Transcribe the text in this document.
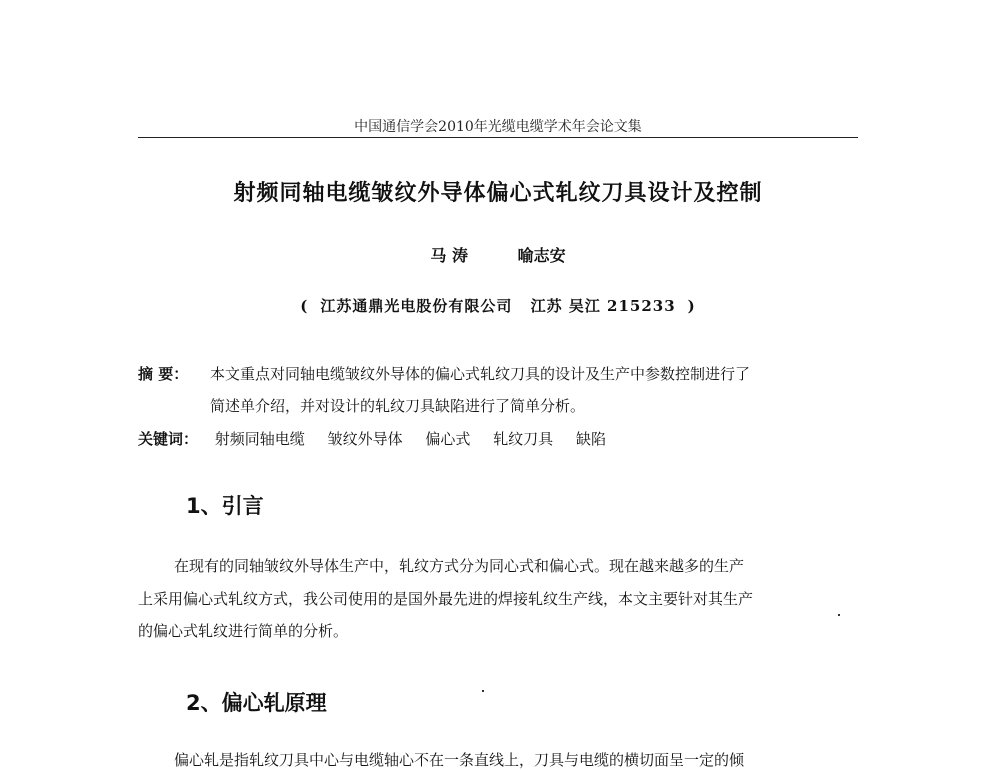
中国通信学会2010年光缆电缆学术年会论文集
射频同轴电缆皱纹外导体偏心式轧纹刀具设计及控制
马 涛	喻志安
( 江苏通鼎光电股份有限公司 江苏 吴江 215233 )
摘 要： 本文重点对同轴电缆皱纹外导体的偏心式轧纹刀具的设计及生产中参数控制进行了
简述单介绍，并对设计的轧纹刀具缺陷进行了简单分析。
关键词： 射频同轴电缆 皱纹外导体 偏心式 轧纹刀具 缺陷
1、引言
在现有的同轴皱纹外导体生产中，轧纹方式分为同心式和偏心式。现在越来越多的生产
上采用偏心式轧纹方式，我公司使用的是国外最先进的焊接轧纹生产线，本文主要针对其生产
的偏心式轧纹进行简单的分析。
2、偏心轧原理
偏心轧是指轧纹刀具中心与电缆轴心不在一条直线上，刀具与电缆的横切面呈一定的倾
